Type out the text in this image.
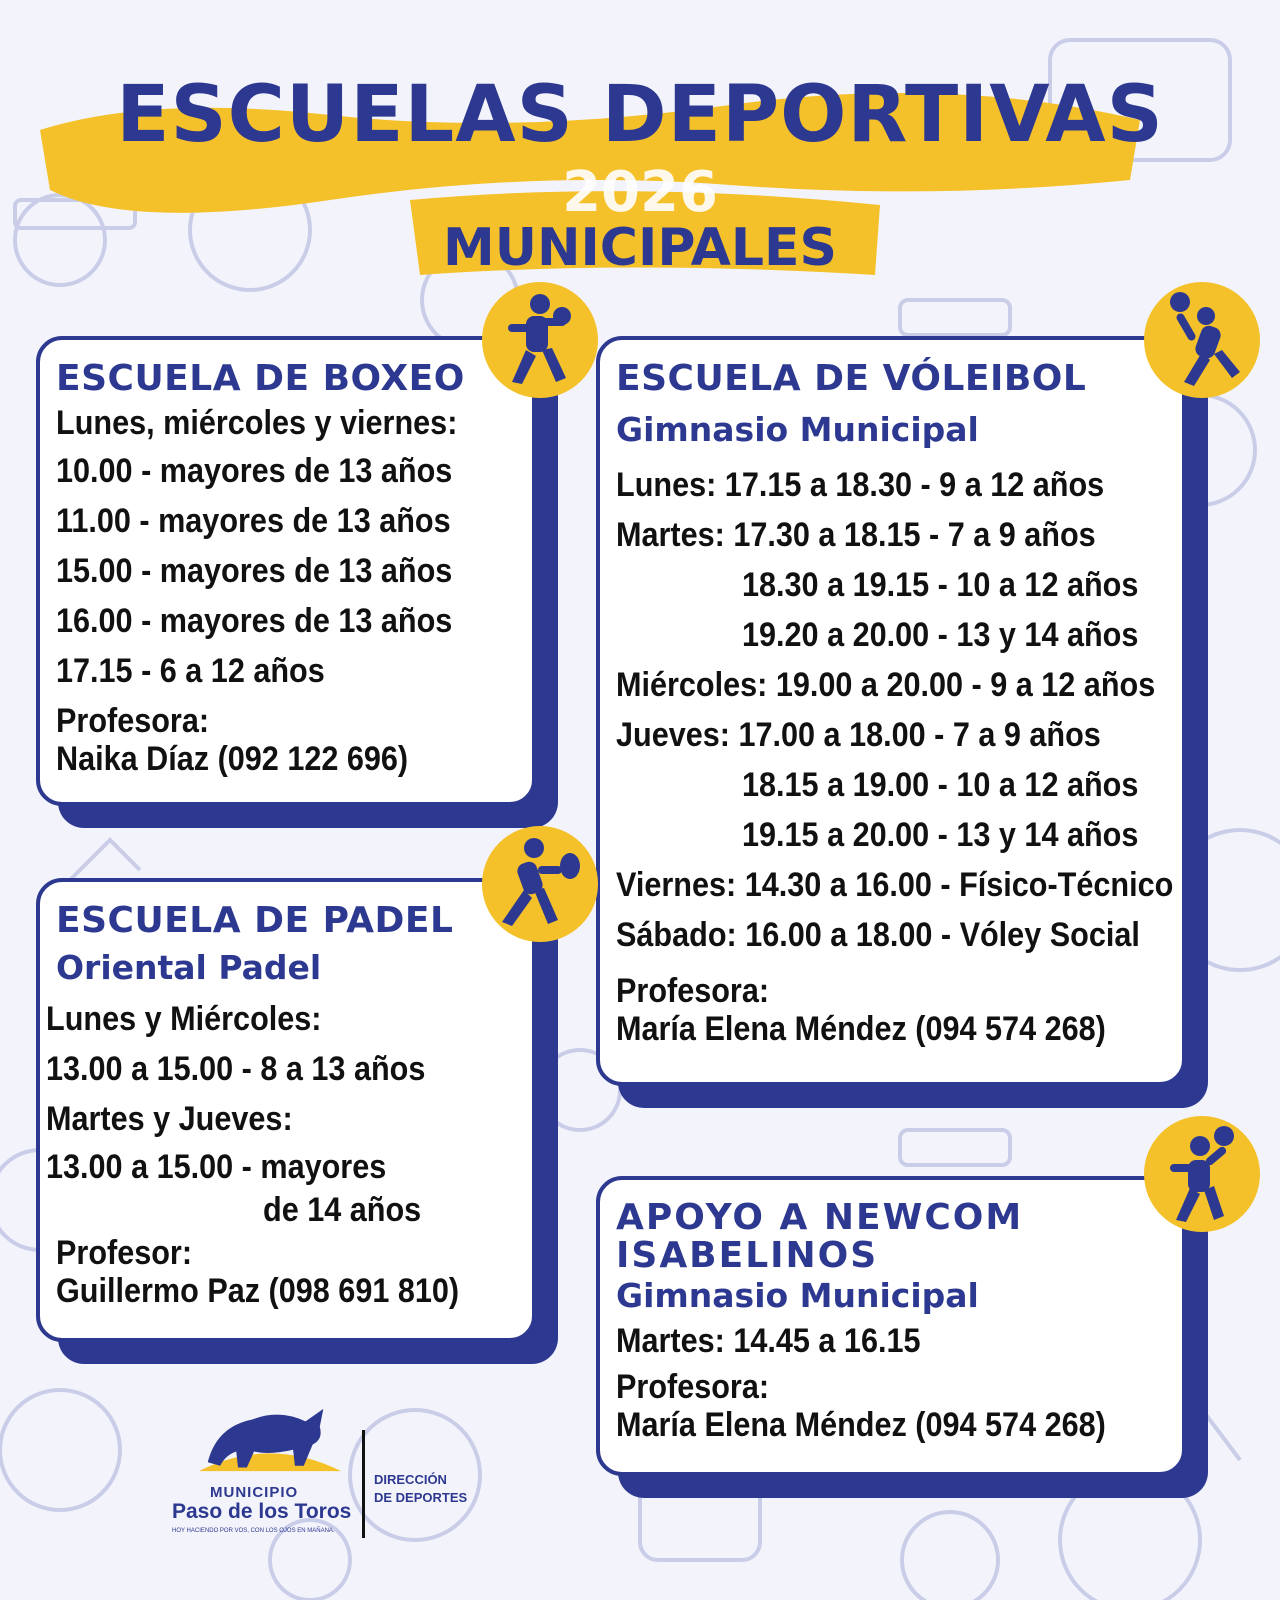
ESCUELAS DEPORTIVAS
2026
MUNICIPALES
ESCUELA DE BOXEO
Lunes, miércoles y viernes:
10.00 - mayores de 13 años
11.00 - mayores de 13 años
15.00 - mayores de 13 años
16.00 - mayores de 13 años
17.15 - 6 a 12 años
Profesora:
Naika Díaz (092 122 696)
ESCUELA DE VÓLEIBOL
Gimnasio Municipal
Lunes: 17.15 a 18.30 - 9 a 12 años
Martes: 17.30 a 18.15 - 7 a 9 años
18.30 a 19.15 - 10 a 12 años
19.20 a 20.00 - 13 y 14 años
Miércoles: 19.00 a 20.00 - 9 a 12 años
Jueves: 17.00 a 18.00 - 7 a 9 años
18.15 a 19.00 - 10 a 12 años
19.15 a 20.00 - 13 y 14 años
Viernes: 14.30 a 16.00 - Físico-Técnico
Sábado: 16.00 a 18.00 - Vóley Social
Profesora:
María Elena Méndez (094 574 268)
ESCUELA DE PADEL
Oriental Padel
Lunes y Miércoles:
13.00 a 15.00 - 8 a 13 años
Martes y Jueves:
13.00 a 15.00 - mayores
de 14 años
Profesor:
Guillermo Paz (098 691 810)
APOYO A NEWCOM
ISABELINOS
Gimnasio Municipal
Martes: 14.45 a 16.15
Profesora:
María Elena Méndez (094 574 268)
MUNICIPIO
Paso de los Toros
HOY HACIENDO POR VOS, CON LOS OJOS EN MAÑANA.
DIRECCIÓN
DE DEPORTES
